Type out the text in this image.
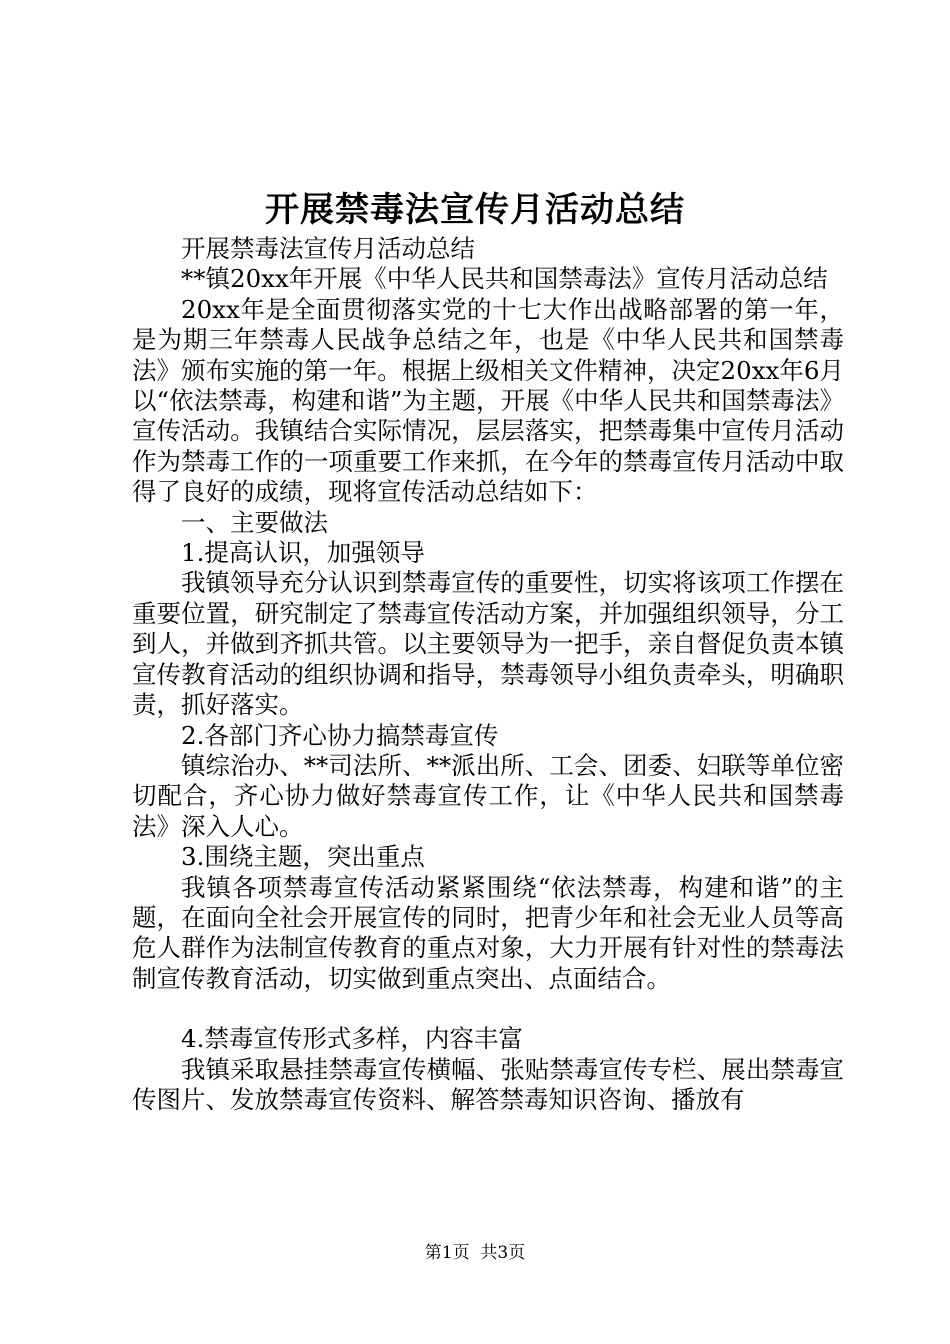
开展禁毒法宣传月活动总结

开展禁毒法宣传月活动总结

**镇20xx年开展《中华人民共和国禁毒法》宣传月活动总结

20xx年是全面贯彻落实党的十七大作出战略部署的第一年，是为期三年禁毒人民战争总结之年，也是《中华人民共和国禁毒法》颁布实施的第一年。根据上级相关文件精神，决定20xx年6月以“依法禁毒，构建和谐”为主题，开展《中华人民共和国禁毒法》宣传活动。我镇结合实际情况，层层落实，把禁毒集中宣传月活动作为禁毒工作的一项重要工作来抓，在今年的禁毒宣传月活动中取得了良好的成绩，现将宣传活动总结如下：

一、主要做法

1.提高认识，加强领导

我镇领导充分认识到禁毒宣传的重要性，切实将该项工作摆在重要位置，研究制定了禁毒宣传活动方案，并加强组织领导，分工到人，并做到齐抓共管。以主要领导为一把手，亲自督促负责本镇宣传教育活动的组织协调和指导，禁毒领导小组负责牵头，明确职责，抓好落实。

2.各部门齐心协力搞禁毒宣传

镇综治办、**司法所、**派出所、工会、团委、妇联等单位密切配合，齐心协力做好禁毒宣传工作，让《中华人民共和国禁毒法》深入人心。

3.围绕主题，突出重点

我镇各项禁毒宣传活动紧紧围绕“依法禁毒，构建和谐”的主题，在面向全社会开展宣传的同时，把青少年和社会无业人员等高危人群作为法制宣传教育的重点对象，大力开展有针对性的禁毒法制宣传教育活动，切实做到重点突出、点面结合。

4.禁毒宣传形式多样，内容丰富

我镇采取悬挂禁毒宣传横幅、张贴禁毒宣传专栏、展出禁毒宣传图片、发放禁毒宣传资料、解答禁毒知识咨询、播放有

第1页  共3页
